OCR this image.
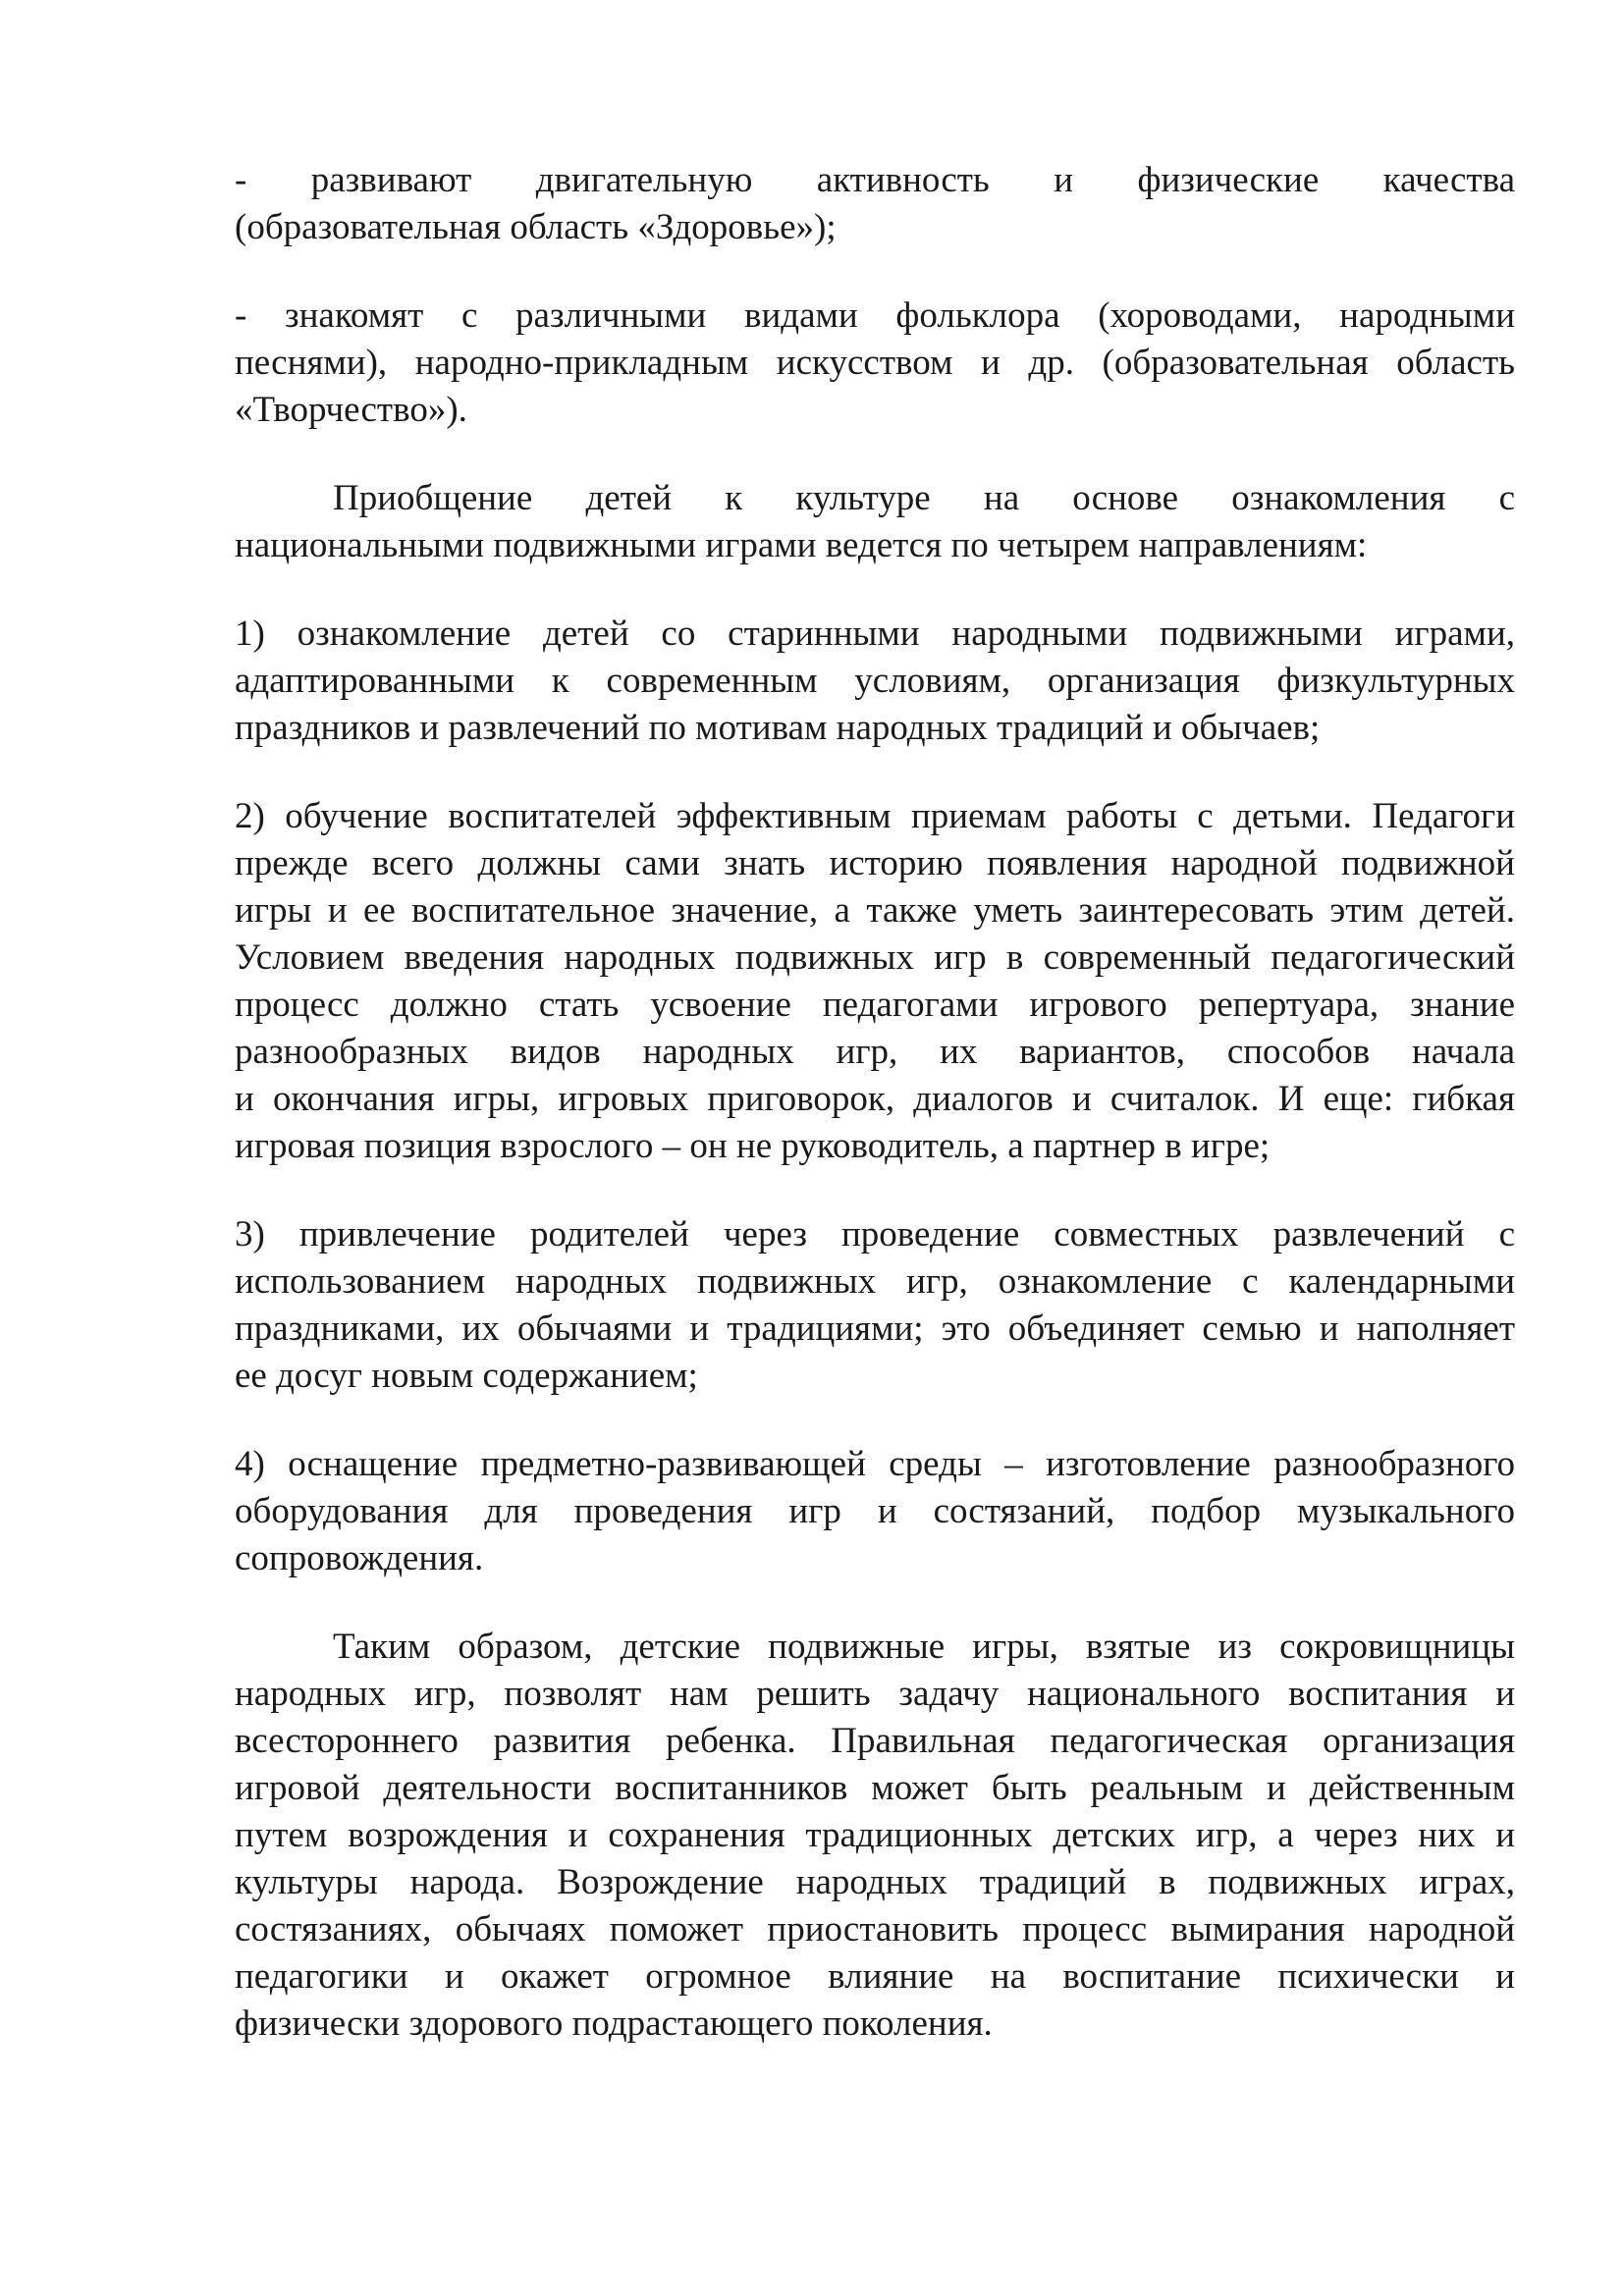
- развивают двигательную активность и физические качества
(образовательная область «Здоровье»);

- знакомят с различными видами фольклора (хороводами, народными
песнями), народно-прикладным искусством и др. (образовательная область
«Творчество»).

Приобщение детей к культуре на основе ознакомления с
национальными подвижными играми ведется по четырем направлениям:

1) ознакомление детей со старинными народными подвижными играми,
адаптированными к современным условиям, организация физкультурных
праздников и развлечений по мотивам народных традиций и обычаев;

2) обучение воспитателей эффективным приемам работы с детьми. Педагоги
прежде всего должны сами знать историю появления народной подвижной
игры и ее воспитательное значение, а также уметь заинтересовать этим детей.
Условием введения народных подвижных игр в современный педагогический
процесс должно стать усвоение педагогами игрового репертуара, знание
разнообразных видов народных игр, их вариантов, способов начала
и окончания игры, игровых приговорок, диалогов и считалок. И еще: гибкая
игровая позиция взрослого – он не руководитель, а партнер в игре;

3) привлечение родителей через проведение совместных развлечений с
использованием народных подвижных игр, ознакомление с календарными
праздниками, их обычаями и традициями; это объединяет семью и наполняет
ее досуг новым содержанием;

4) оснащение предметно-развивающей среды – изготовление разнообразного
оборудования для проведения игр и состязаний, подбор музыкального
сопровождения.

Таким образом, детские подвижные игры, взятые из сокровищницы
народных игр, позволят нам решить задачу национального воспитания и
всестороннего развития ребенка. Правильная педагогическая организация
игровой деятельности воспитанников может быть реальным и действенным
путем возрождения и сохранения традиционных детских игр, а через них и
культуры народа. Возрождение народных традиций в подвижных играх,
состязаниях, обычаях поможет приостановить процесс вымирания народной
педагогики и окажет огромное влияние на воспитание психически и
физически здорового подрастающего поколения.
